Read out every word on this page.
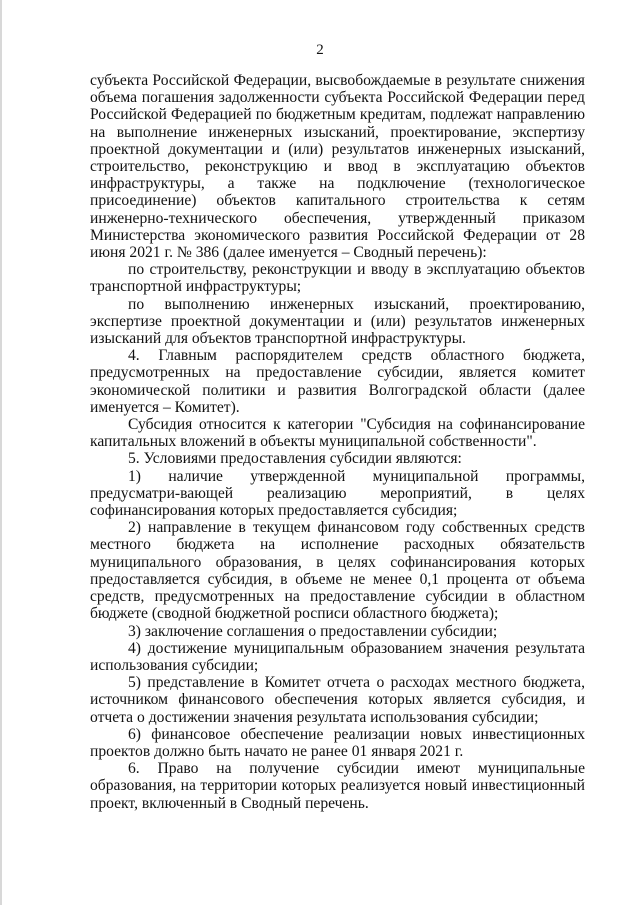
2

субъекта Российской Федерации, высвобождаемые в результате снижения объема погашения задолженности субъекта Российской Федерации перед Российской Федерацией по бюджетным кредитам, подлежат направлению на выполнение инженерных изысканий, проектирование, экспертизу проектной документации и (или) результатов инженерных изысканий, строительство, реконструкцию и ввод в эксплуатацию объектов инфраструктуры, а также на подключение (технологическое присоединение) объектов капитального строительства к сетям инженерно-технического обеспечения, утвержденный приказом Министерства экономического развития Российской Федерации от 28 июня 2021 г. № 386 (далее именуется – Сводный перечень):

по строительству, реконструкции и вводу в эксплуатацию объектов транспортной инфраструктуры;

по выполнению инженерных изысканий, проектированию, экспертизе проектной документации и (или) результатов инженерных изысканий для объектов транспортной инфраструктуры.

4. Главным распорядителем средств областного бюджета, предусмотренных на предоставление субсидии, является комитет экономической политики и развития Волгоградской области (далее именуется – Комитет).

Субсидия относится к категории "Субсидия на софинансирование капитальных вложений в объекты муниципальной собственности".

5. Условиями предоставления субсидии являются:

1) наличие утвержденной муниципальной программы, предусматри-вающей реализацию мероприятий, в целях софинансирования которых предоставляется субсидия;

2) направление в текущем финансовом году собственных средств местного бюджета на исполнение расходных обязательств муниципального образования, в целях софинансирования которых предоставляется субсидия, в объеме не менее 0,1 процента от объема средств, предусмотренных на предоставление субсидии в областном бюджете (сводной бюджетной росписи областного бюджета);

3) заключение соглашения о предоставлении субсидии;

4) достижение муниципальным образованием значения результата использования субсидии;

5) представление в Комитет отчета о расходах местного бюджета, источником финансового обеспечения которых является субсидия, и отчета о достижении значения результата использования субсидии;

6) финансовое обеспечение реализации новых инвестиционных проектов должно быть начато не ранее 01 января 2021 г.

6. Право на получение субсидии имеют муниципальные образования, на территории которых реализуется новый инвестиционный проект, включенный в Сводный перечень.
